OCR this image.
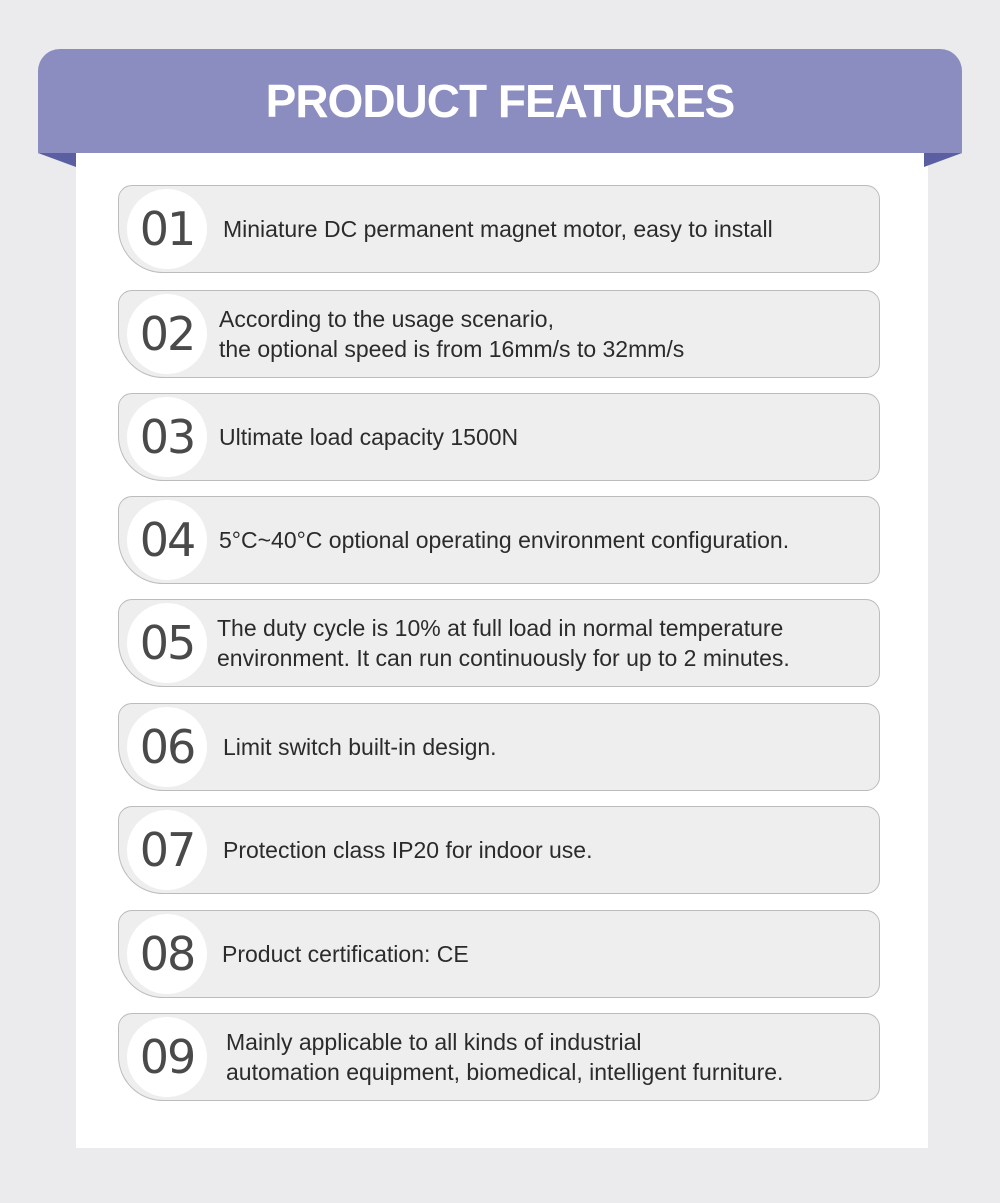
PRODUCT FEATURES
01 Miniature DC permanent magnet motor, easy to install
02 According to the usage scenario,
the optional speed is from 16mm/s to 32mm/s
03 Ultimate load capacity 1500N
04 5°C~40°C optional operating environment configuration.
05 The duty cycle is 10% at full load in normal temperature
environment. It can run continuously for up to 2 minutes.
06 Limit switch built-in design.
07 Protection class IP20 for indoor use.
08 Product certification: CE
09 Mainly applicable to all kinds of industrial
automation equipment, biomedical, intelligent furniture.
